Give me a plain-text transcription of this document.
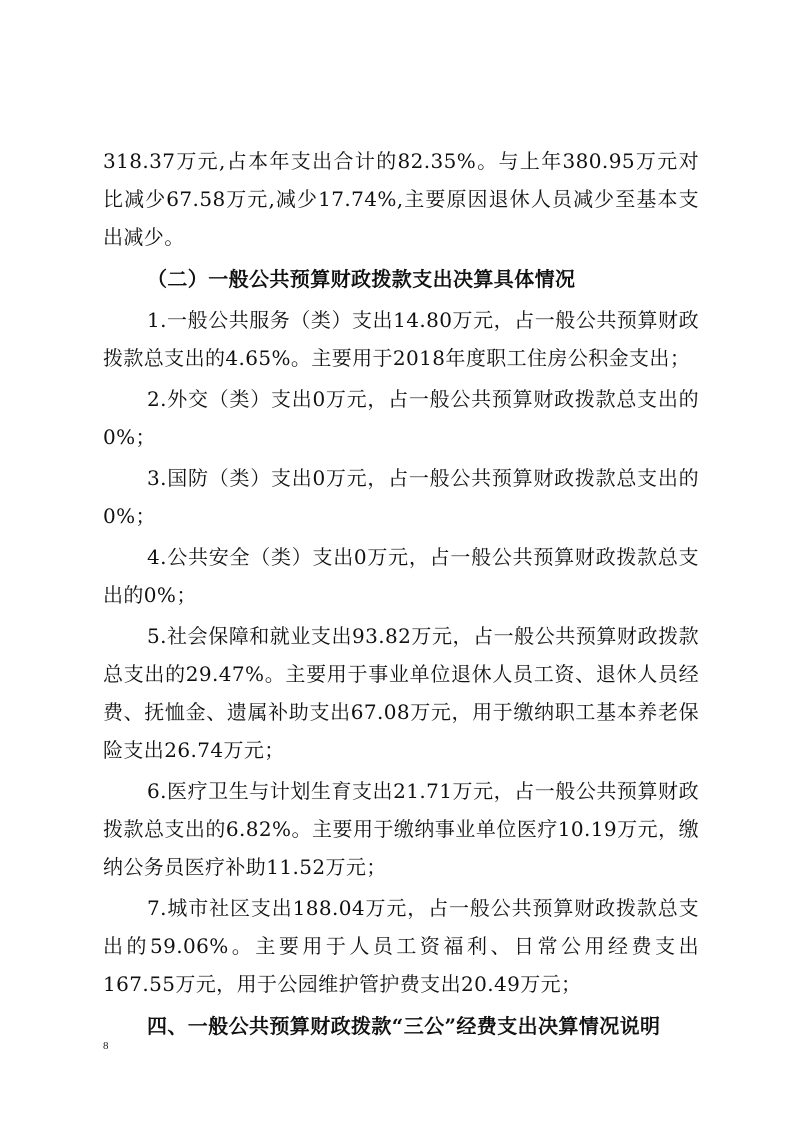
318.37万元,占本年支出合计的82.35%。与上年380.95万元对比减少67.58万元,减少17.74%,主要原因退休人员减少至基本支出减少。

（二）一般公共预算财政拨款支出决算具体情况

1.一般公共服务（类）支出14.80万元，占一般公共预算财政拨款总支出的4.65%。主要用于2018年度职工住房公积金支出；

2.外交（类）支出0万元，占一般公共预算财政拨款总支出的0%；

3.国防（类）支出0万元，占一般公共预算财政拨款总支出的0%；

4.公共安全（类）支出0万元，占一般公共预算财政拨款总支出的0%；

5.社会保障和就业支出93.82万元，占一般公共预算财政拨款总支出的29.47%。主要用于事业单位退休人员工资、退休人员经费、抚恤金、遗属补助支出67.08万元，用于缴纳职工基本养老保险支出26.74万元；

6.医疗卫生与计划生育支出21.71万元，占一般公共预算财政拨款总支出的6.82%。主要用于缴纳事业单位医疗10.19万元，缴纳公务员医疗补助11.52万元；

7.城市社区支出188.04万元，占一般公共预算财政拨款总支出的59.06%。主要用于人员工资福利、日常公用经费支出167.55万元，用于公园维护管护费支出20.49万元；

四、一般公共预算财政拨款“三公”经费支出决算情况说明

8
